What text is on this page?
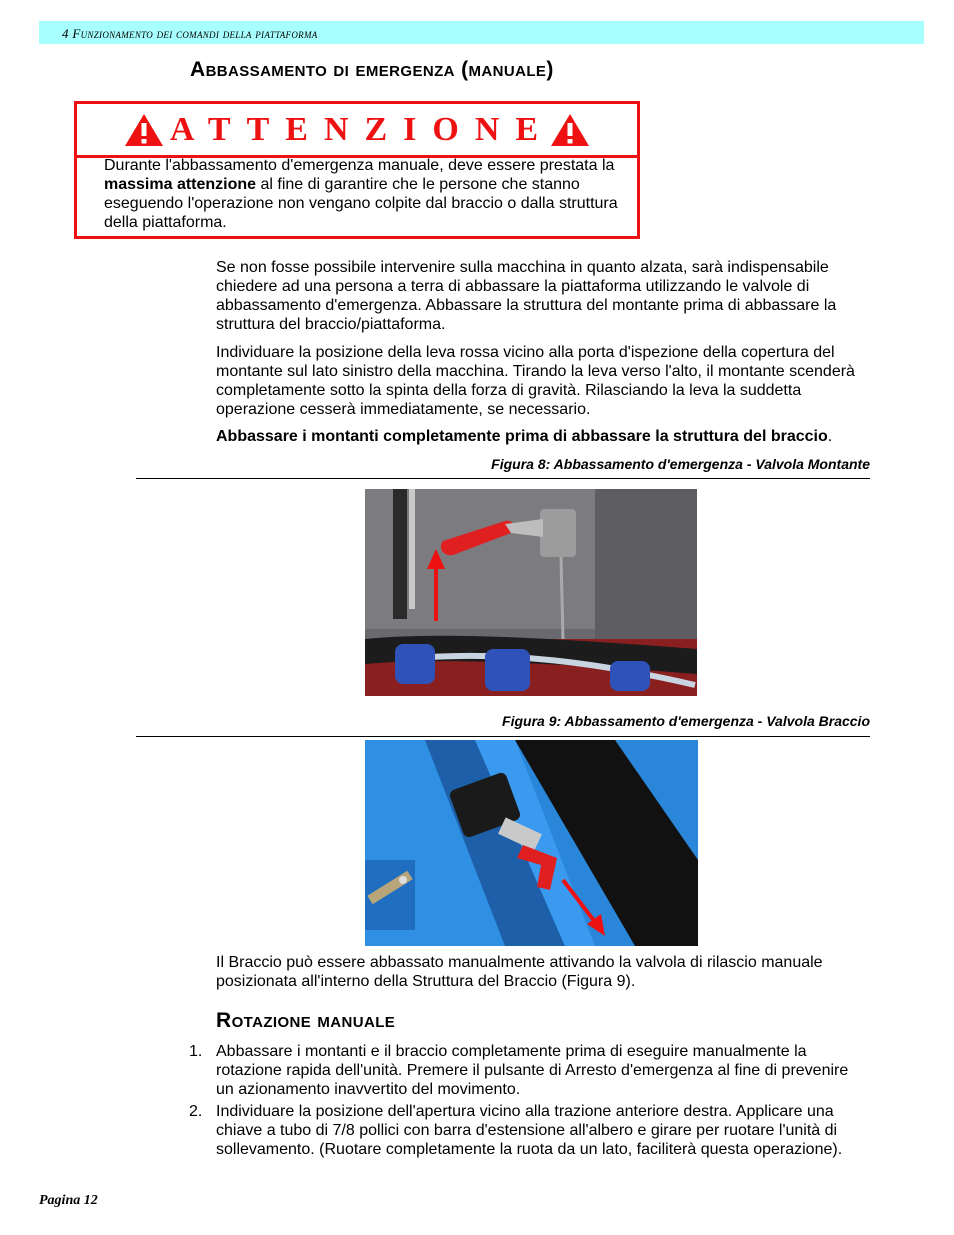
4 Funzionamento dei comandi della piattaforma
Abbassamento di emergenza (manuale)
ATTENZIONE
Durante l'abbassamento d'emergenza manuale, deve essere prestata la massima attenzione al fine di garantire che le persone che stanno eseguendo l'operazione non vengano colpite dal braccio o dalla struttura della piattaforma.
Se non fosse possibile intervenire sulla macchina in quanto alzata, sarà indispensabile chiedere ad una persona a terra di abbassare la piattaforma utilizzando le valvole di abbassamento d'emergenza. Abbassare la struttura del montante prima di abbassare la struttura del braccio/piattaforma.
Individuare la posizione della leva rossa vicino alla porta d'ispezione della copertura del montante sul lato sinistro della macchina. Tirando la leva verso l'alto, il montante scenderà completamente sotto la spinta della forza di gravità. Rilasciando la leva la suddetta operazione cesserà immediatamente, se necessario.
Abbassare i montanti completamente prima di abbassare la struttura del braccio.
Figura 8: Abbassamento d'emergenza - Valvola Montante
Figura 9: Abbassamento d'emergenza - Valvola Braccio
Il Braccio può essere abbassato manualmente attivando la valvola di rilascio manuale posizionata all'interno della Struttura del Braccio (Figura 9).
Rotazione manuale
1. Abbassare i montanti e il braccio completamente prima di eseguire manualmente la rotazione rapida dell'unità. Premere il pulsante di Arresto d'emergenza al fine di prevenire un azionamento inavvertito del movimento.
2. Individuare la posizione dell'apertura vicino alla trazione anteriore destra. Applicare una chiave a tubo di 7/8 pollici con barra d'estensione all'albero e girare per ruotare l'unità di sollevamento. (Ruotare completamente la ruota da un lato, faciliterà questa operazione).
Pagina 12
